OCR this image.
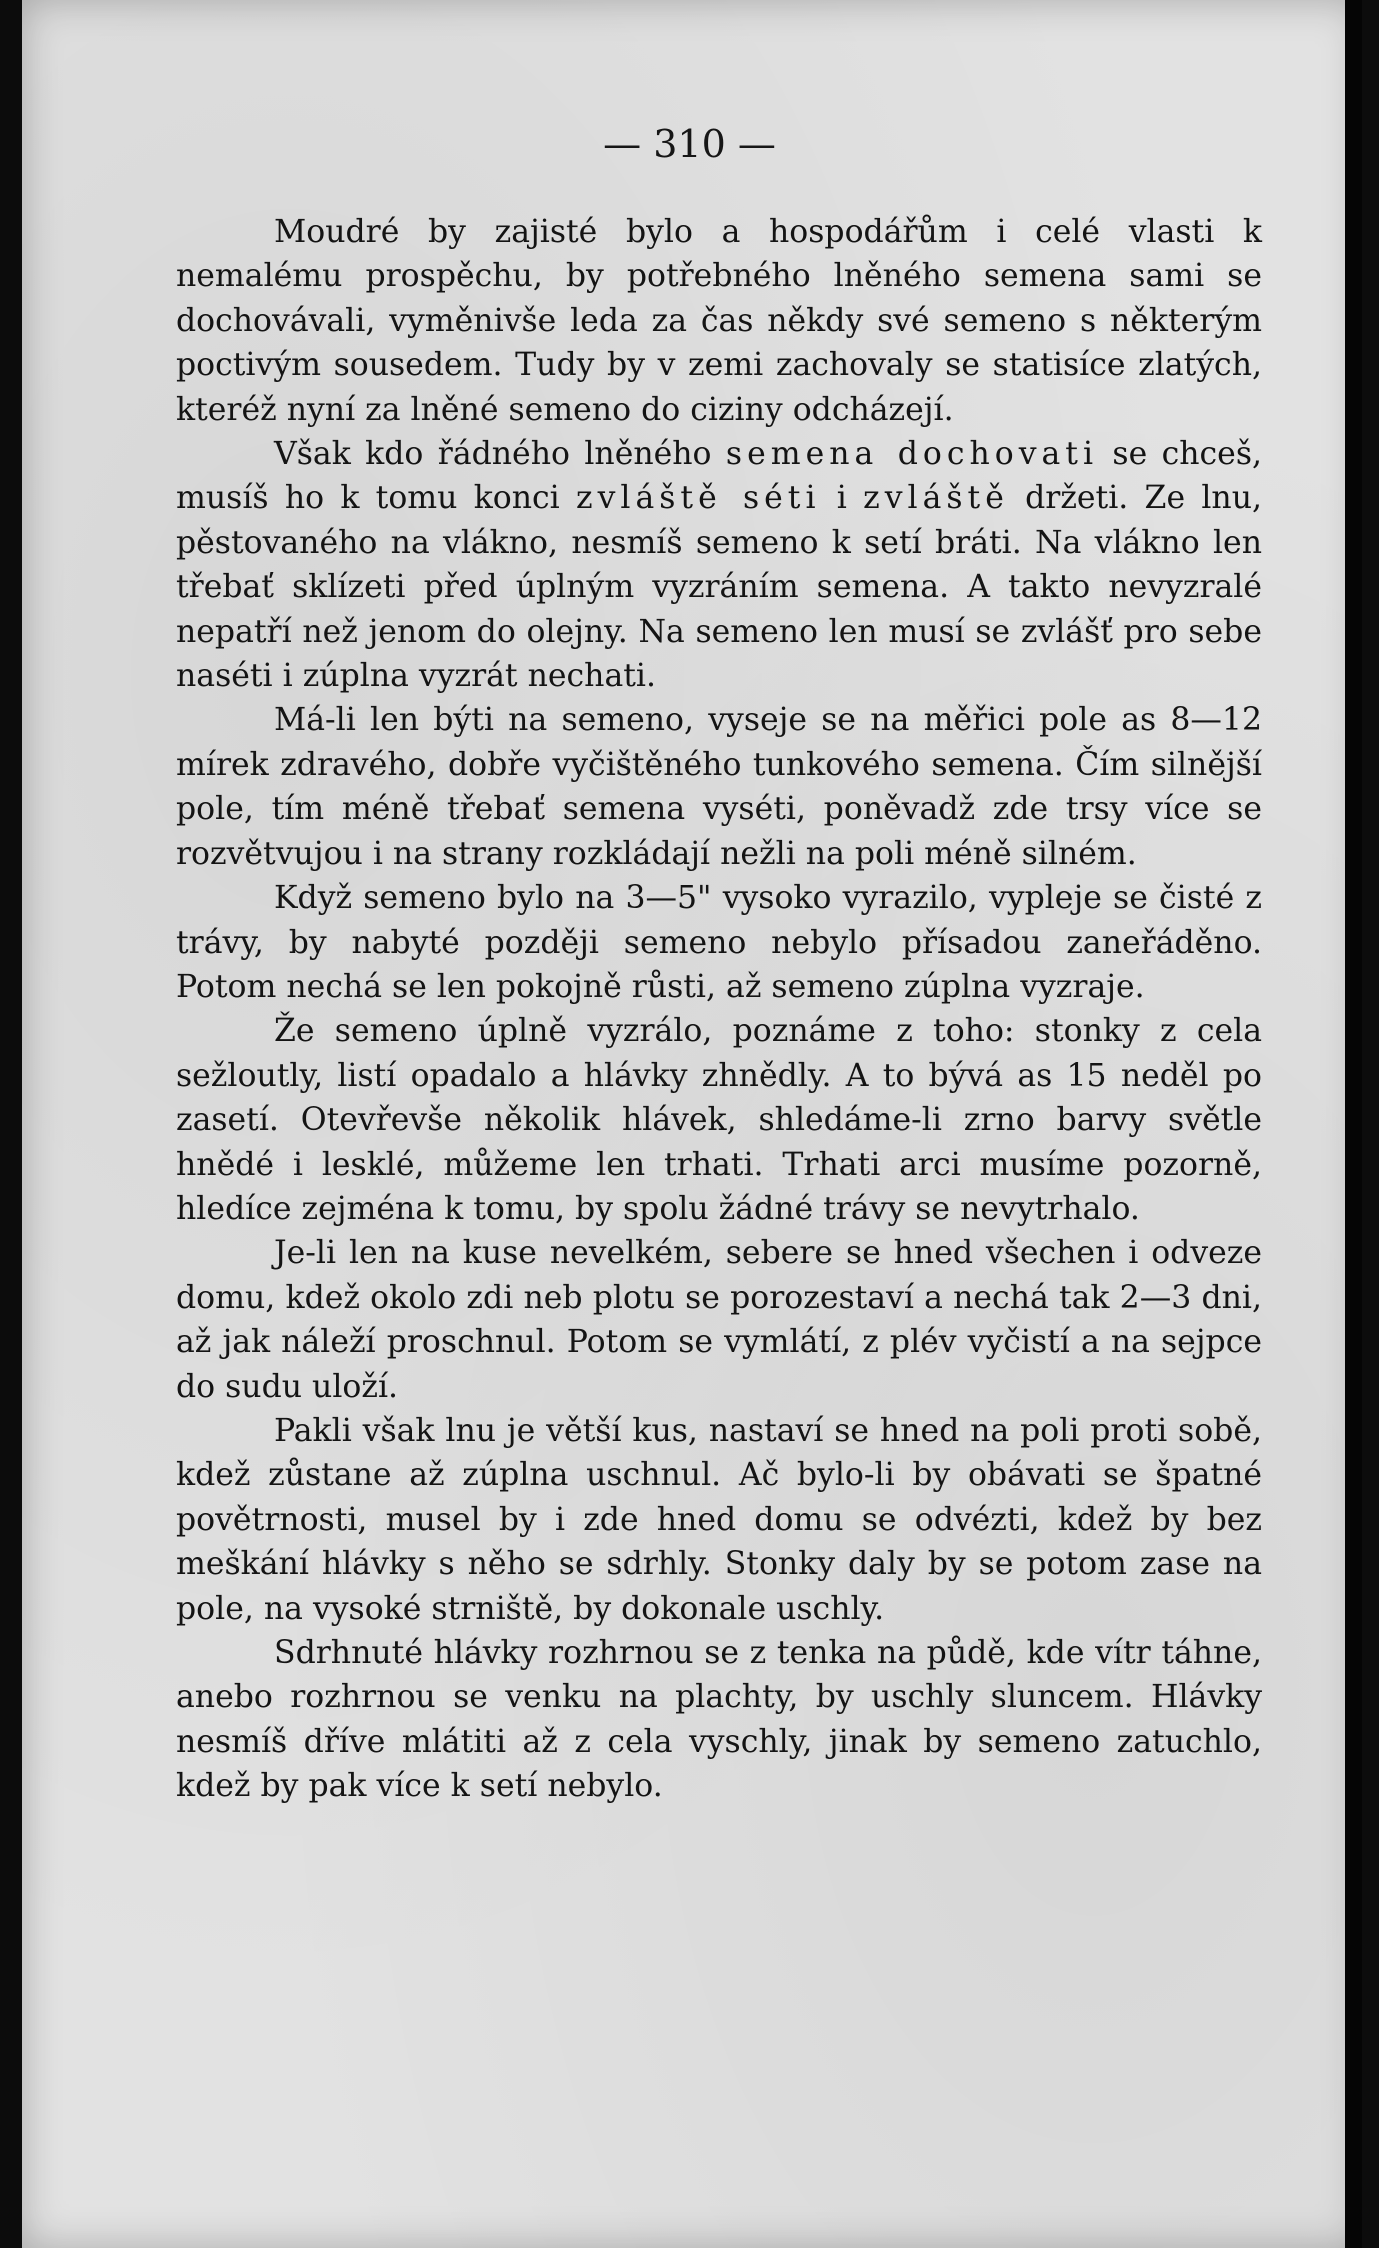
— 310 —

Moudré by zajisté bylo a hospodářům i celé vlasti k nemalému prospěchu, by potřebného lněného semena sami se dochovávali, vyměnivše leda za čas někdy své semeno s některým poctivým sousedem. Tudy by v zemi zachovaly se statisíce zlatých, kteréž nyní za lněné semeno do ciziny odcházejí.

Však kdo řádného lněného semena dochovati se chceš, musíš ho k tomu konci zvláště séti i zvláště držeti. Ze lnu, pěstovaného na vlákno, nesmíš semeno k setí bráti. Na vlákno len třebať sklízeti před úplným vyzráním semena. A takto nevyzralé nepatří než jenom do olejny. Na semeno len musí se zvlášť pro sebe naséti i zúplna vyzrát nechati.

Má-li len býti na semeno, vyseje se na měřici pole as 8—12 mírek zdravého, dobře vyčištěného tunkového semena. Čím silnější pole, tím méně třebať semena vyséti, poněvadž zde trsy více se rozvětvujou i na strany rozkládají nežli na poli méně silném.

Když semeno bylo na 3—5" vysoko vyrazilo, vypleje se čisté z trávy, by nabyté později semeno nebylo přísadou zaneřáděno. Potom nechá se len pokojně růsti, až semeno zúplna vyzraje.

Že semeno úplně vyzrálo, poznáme z toho: stonky z cela sežloutly, listí opadalo a hlávky zhnědly. A to bývá as 15 neděl po zasetí. Otevřevše několik hlávek, shledáme-li zrno barvy světle hnědé i lesklé, můžeme len trhati. Trhati arci musíme pozorně, hledíce zejména k tomu, by spolu žádné trávy se nevytrhalo.

Je-li len na kuse nevelkém, sebere se hned všechen i odveze domu, kdež okolo zdi neb plotu se porozestaví a nechá tak 2—3 dni, až jak náleží proschnul. Potom se vymlátí, z plév vyčistí a na sejpce do sudu uloží.

Pakli však lnu je větší kus, nastaví se hned na poli proti sobě, kdež zůstane až zúplna uschnul. Ač bylo-li by obávati se špatné povětrnosti, musel by i zde hned domu se odvézti, kdež by bez meškání hlávky s něho se sdrhly. Stonky daly by se potom zase na pole, na vysoké strniště, by dokonale uschly.

Sdrhnuté hlávky rozhrnou se z tenka na půdě, kde vítr táhne, anebo rozhrnou se venku na plachty, by uschly sluncem. Hlávky nesmíš dříve mlátiti až z cela vyschly, jinak by semeno zatuchlo, kdež by pak více k setí nebylo.
